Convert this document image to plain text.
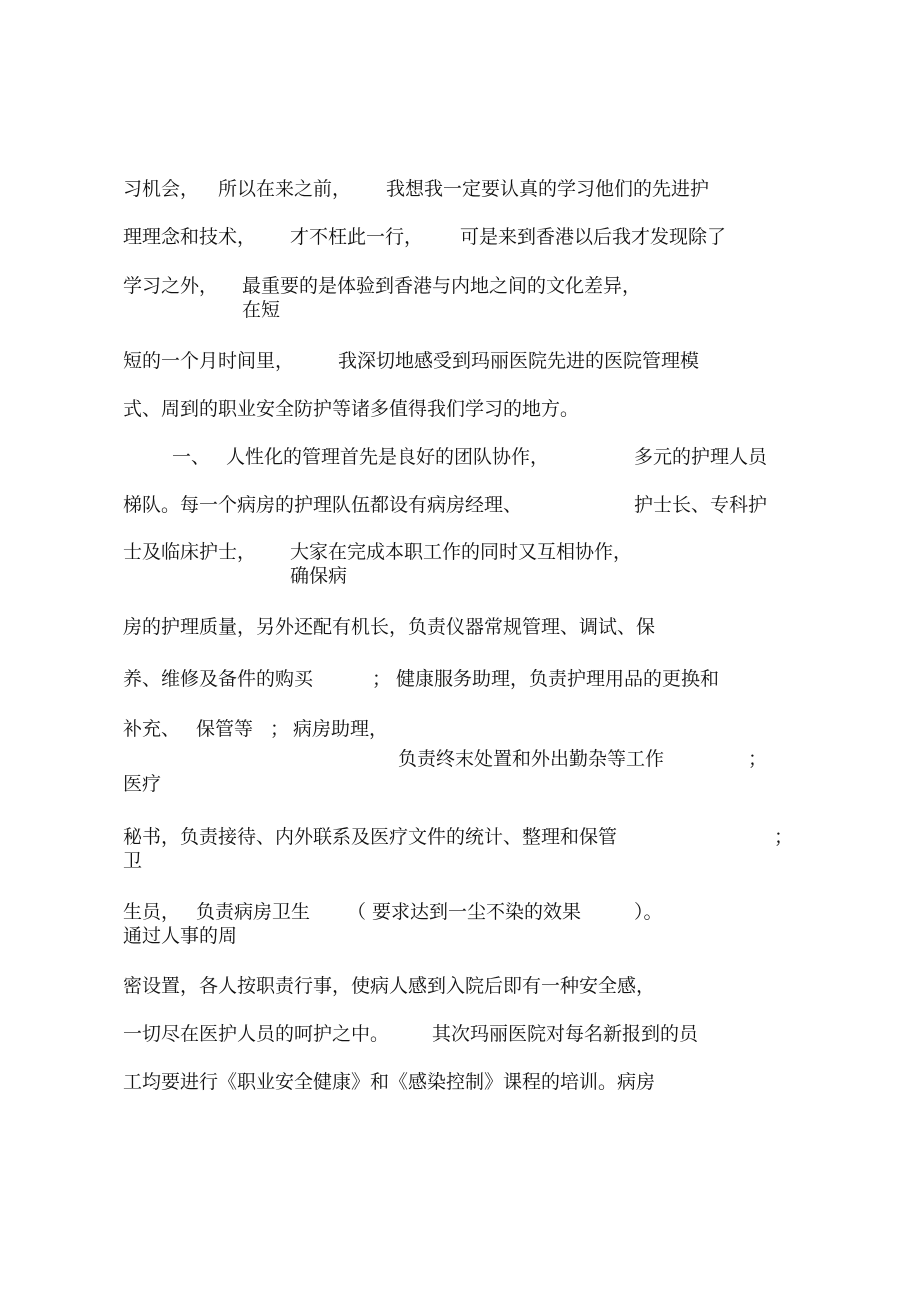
习机会， 所以在来之前， 我想我一定要认真的学习他们的先进护
理理念和技术， 才不枉此一行， 可是来到香港以后我才发现除了
学习之外， 最重要的是体验到香港与内地之间的文化差异，
在短
短的一个月时间里， 我深切地感受到玛丽医院先进的医院管理模
式、周到的职业安全防护等诸多值得我们学习的地方。
一、 人性化的管理首先是良好的团队协作，	多元的护理人员
梯队。每一个病房的护理队伍都设有病房经理、	护士长、专科护
士及临床护士， 大家在完成本职工作的同时又互相协作，
确保病
房的护理质量，另外还配有机长，负责仪器常规管理、调试、保
养、维修及备件的购买	； 健康服务助理，负责护理用品的更换和
补充、 保管等 ； 病房助理，
负责终末处置和外出勤杂等工作	；
医疗
秘书，负责接待、内外联系及医疗文件的统计、整理和保管	；
卫
生员， 负责病房卫生 （ 要求达到一尘不染的效果	）。
通过人事的周
密设置，各人按职责行事，使病人感到入院后即有一种安全感，
一切尽在医护人员的呵护之中。 其次玛丽医院对每名新报到的员
工均要进行《职业安全健康》和《感染控制》课程的培训。病房
